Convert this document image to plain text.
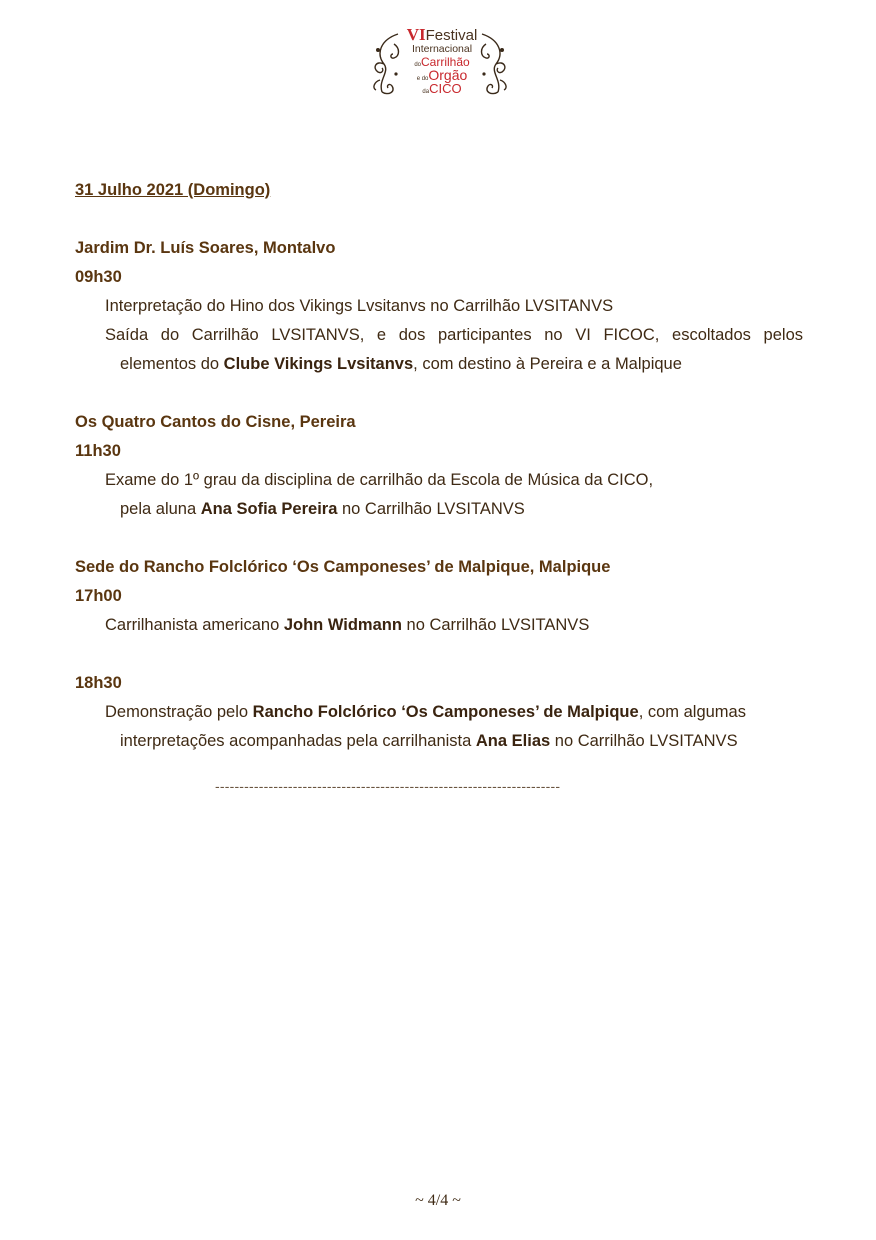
VIFestival
Internacional
doCarrilhão
e doOrgão
daCICO
31 Julho 2021 (Domingo)
Jardim Dr. Luís Soares, Montalvo
09h30
Interpretação do Hino dos Vikings Lvsitanvs no Carrilhão LVSITANVS
Saída do Carrilhão LVSITANVS, e dos participantes no VI FICOC, escoltados pelos
elementos do Clube Vikings Lvsitanvs, com destino à Pereira e a Malpique
Os Quatro Cantos do Cisne, Pereira
11h30
Exame do 1º grau da disciplina de carrilhão da Escola de Música da CICO,
pela aluna Ana Sofia Pereira no Carrilhão LVSITANVS
Sede do Rancho Folclórico ‘Os Camponeses’ de Malpique, Malpique
17h00
Carrilhanista americano John Widmann no Carrilhão LVSITANVS
18h30
Demonstração pelo Rancho Folclórico ‘Os Camponeses’ de Malpique, com algumas
interpretações acompanhadas pela carrilhanista Ana Elias no Carrilhão LVSITANVS
-----------------------------------------------------------------------
~ 4/4 ~
